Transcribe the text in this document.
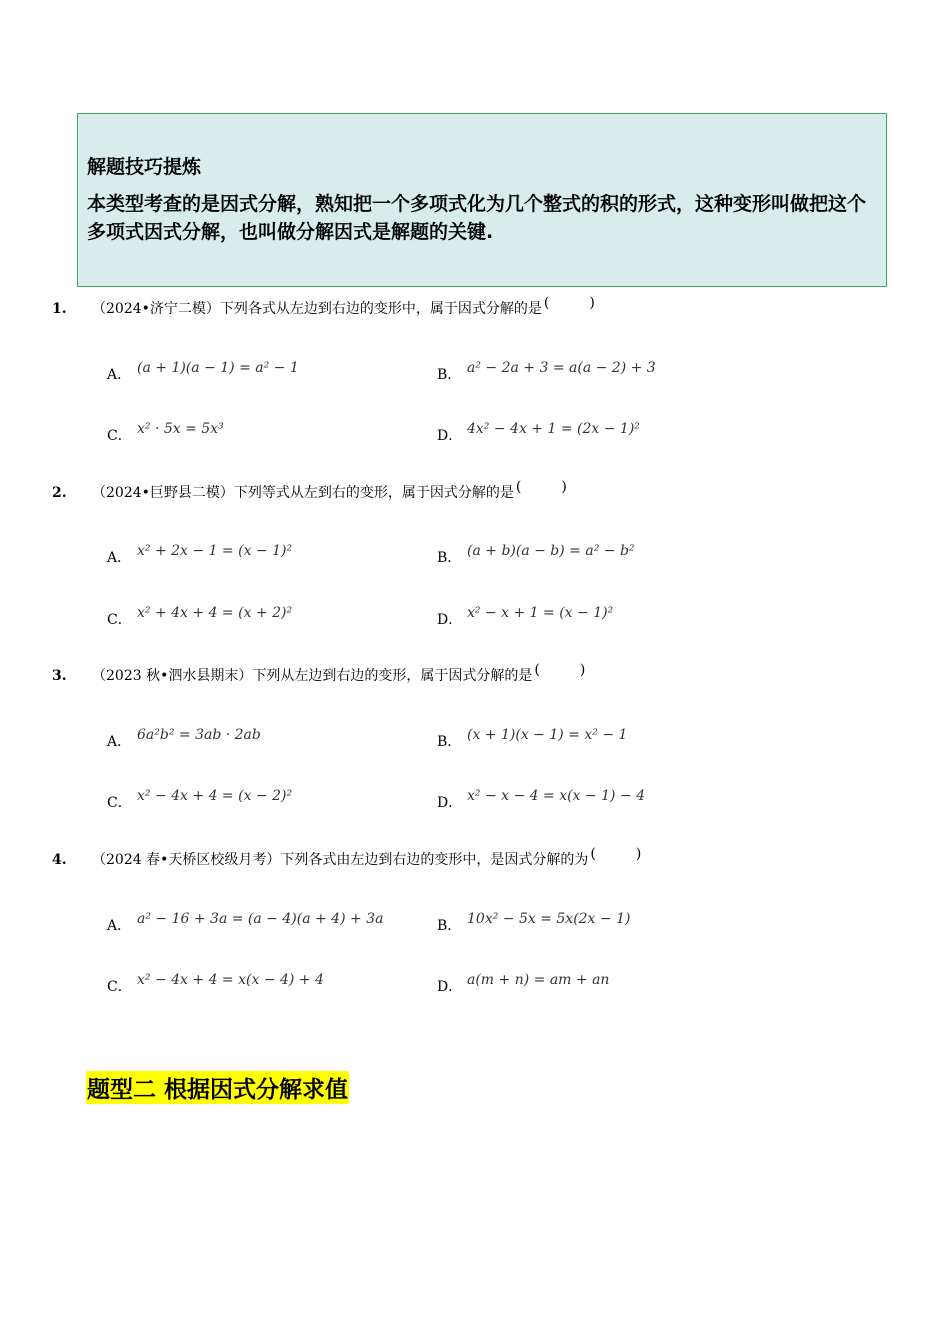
解题技巧提炼
本类型考查的是因式分解，熟知把一个多项式化为几个整式的积的形式，这种变形叫做把这个多项式因式分解，也叫做分解因式是解题的关键.
1. （2024•济宁二模）下列各式从左边到右边的变形中，属于因式分解的是 (	)
A． (a + 1)(a − 1) = a² − 1	B． a² − 2a + 3 = a(a − 2) + 3
C． x² · 5x = 5x³	D． 4x² − 4x + 1 = (2x − 1)²
2. （2024•巨野县二模）下列等式从左到右的变形，属于因式分解的是 (	)
A． x² + 2x − 1 = (x − 1)²	B． (a + b)(a − b) = a² − b²
C． x² + 4x + 4 = (x + 2)²	D． x² − x + 1 = (x − 1)²
3. （2023 秋•泗水县期末）下列从左边到右边的变形，属于因式分解的是 (	)
A． 6a²b² = 3ab · 2ab	B． (x + 1)(x − 1) = x² − 1
C． x² − 4x + 4 = (x − 2)²	D． x² − x − 4 = x(x − 1) − 4
4. （2024 春•天桥区校级月考）下列各式由左边到右边的变形中，是因式分解的为 (	)
A． a² − 16 + 3a = (a − 4)(a + 4) + 3a	B． 10x² − 5x = 5x(2x − 1)
C． x² − 4x + 4 = x(x − 4) + 4	D． a(m + n) = am + an
题型二 根据因式分解求值
